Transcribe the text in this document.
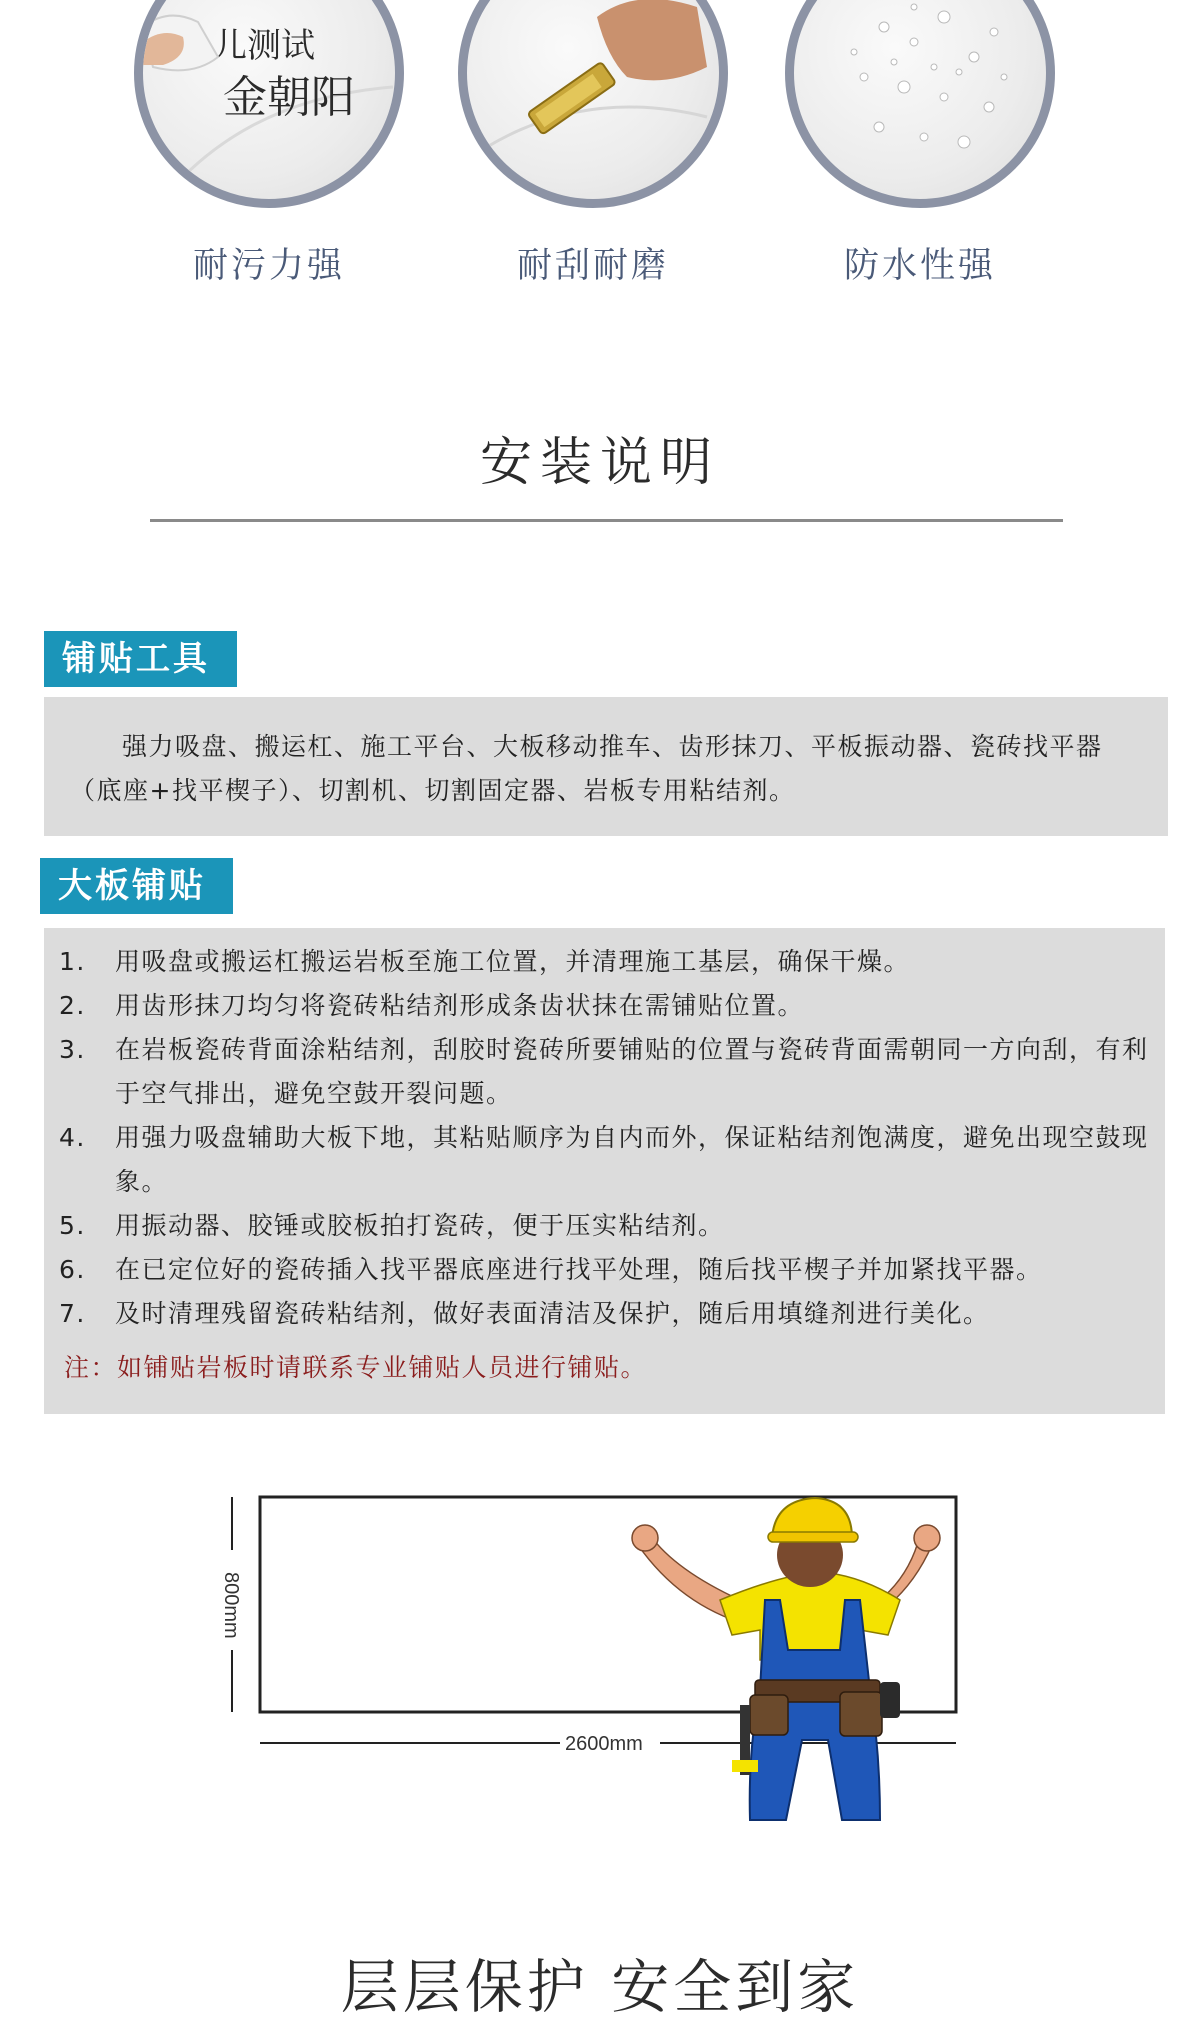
儿测试
金朝阳
耐污力强	耐刮耐磨	防水性强
安装说明
铺贴工具
强力吸盘、搬运杠、施工平台、大板移动推车、齿形抹刀、平板振动器、瓷砖找平器（底座+找平楔子）、切割机、切割固定器、岩板专用粘结剂。
大板铺贴
1. 用吸盘或搬运杠搬运岩板至施工位置，并清理施工基层，确保干燥。
2. 用齿形抹刀均匀将瓷砖粘结剂形成条齿状抹在需铺贴位置。
3. 在岩板瓷砖背面涂粘结剂，刮胶时瓷砖所要铺贴的位置与瓷砖背面需朝同一方向刮，有利于空气排出，避免空鼓开裂问题。
4. 用强力吸盘辅助大板下地，其粘贴顺序为自内而外，保证粘结剂饱满度，避免出现空鼓现象。
5. 用振动器、胶锤或胶板拍打瓷砖，便于压实粘结剂。
6. 在已定位好的瓷砖插入找平器底座进行找平处理，随后找平楔子并加紧找平器。
7. 及时清理残留瓷砖粘结剂，做好表面清洁及保护，随后用填缝剂进行美化。
注：如铺贴岩板时请联系专业铺贴人员进行铺贴。
800mm
2600mm
层层保护 安全到家
